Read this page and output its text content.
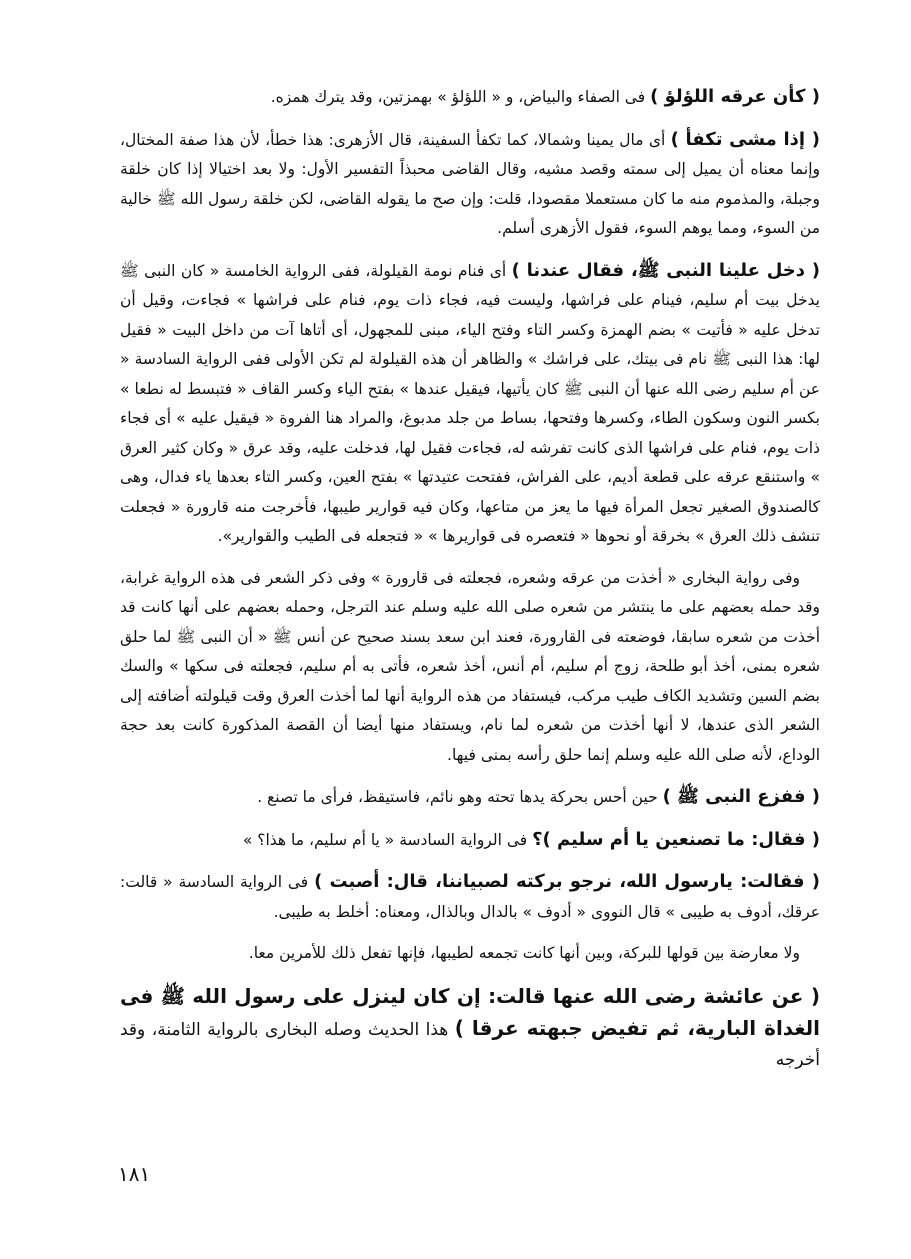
( كأن عرقه اللؤلؤ ) فى الصفاء والبياض، و « اللؤلؤ » بهمزتين، وقد يترك همزه.

( إذا مشى تكفأ ) أى مال يمينا وشمالا، كما تكفأ السفينة، قال الأزهرى: هذا خطأ، لأن هذا صفة المختال، وإنما معناه أن يميل إلى سمته وقصد مشيه، وقال القاضى محبذاً التفسير الأول: ولا بعد اختيالا إذا كان خلقة وجبلة، والمذموم منه ما كان مستعملا مقصودا، قلت: وإن صح ما يقوله القاضى، لكن خلقة رسول الله ﷺ خالية من السوء، ومما يوهم السوء، فقول الأزهرى أسلم.

( دخل علينا النبى ﷺ، فقال عندنا ) أى فنام نومة القيلولة، ففى الرواية الخامسة « كان النبى ﷺ يدخل بيت أم سليم، فينام على فراشها، وليست فيه، فجاء ذات يوم، فنام على فراشها » فجاءت، وقيل أن تدخل عليه « فأتيت » بضم الهمزة وكسر التاء وفتح الياء، مبنى للمجهول، أى أتاها آت من داخل البيت « فقيل لها: هذا النبى ﷺ نام فى بيتك، على فراشك » والظاهر أن هذه القيلولة لم تكن الأولى ففى الرواية السادسة « عن أم سليم رضى الله عنها أن النبى ﷺ كان يأتيها، فيقيل عندها » بفتح الياء وكسر القاف « فتبسط له نطعا » بكسر النون وسكون الطاء، وكسرها وفتحها، بساط من جلد مدبوغ، والمراد هنا الفروة « فيقيل عليه » أى فجاء ذات يوم، فنام على فراشها الذى كانت تفرشه له، فجاءت فقيل لها، فدخلت عليه، وقد عرق « وكان كثير العرق » واستنقع عرقه على قطعة أديم، على الفراش، ففتحت عتيدتها » بفتح العين، وكسر التاء بعدها ياء فدال، وهى كالصندوق الصغير تجعل المرأة فيها ما يعز من متاعها، وكان فيه قوارير طيبها، فأخرجت منه قارورة « فجعلت تنشف ذلك العرق » بخرقة أو نحوها « فتعصره فى قواريرها » « فتجعله فى الطيب والقوارير».

وفى رواية البخارى « أخذت من عرقه وشعره، فجعلته فى قارورة » وفى ذكر الشعر فى هذه الرواية غرابة، وقد حمله بعضهم على ما ينتشر من شعره صلى الله عليه وسلم عند الترجل، وحمله بعضهم على أنها كانت قد أخذت من شعره سابقا، فوضعته فى القارورة، فعند ابن سعد بسند صحيح عن أنس ﷺ « أن النبى ﷺ لما حلق شعره بمنى، أخذ أبو طلحة، زوج أم سليم، أم أنس، أخذ شعره، فأتى به أم سليم، فجعلته فى سكها » والسك بضم السين وتشديد الكاف طيب مركب، فيستفاد من هذه الرواية أنها لما أخذت العرق وقت قيلولته أضافته إلى الشعر الذى عندها، لا أنها أخذت من شعره لما نام، ويستفاد منها أيضا أن القصة المذكورة كانت بعد حجة الوداع، لأنه صلى الله عليه وسلم إنما حلق رأسه بمنى فيها.

( ففزع النبى ﷺ ) حين أحس بحركة يدها تحته وهو نائم، فاستيقظ، فرأى ما تصنع .

( فقال: ما تصنعين يا أم سليم )؟ فى الرواية السادسة « يا أم سليم، ما هذا؟ »

( فقالت: يارسول الله، نرجو بركته لصبياننا، قال: أصبت ) فى الرواية السادسة « قالت: عرقك، أدوف به طيبى » قال النووى « أدوف » بالدال وبالذال، ومعناه: أخلط به طيبى.

ولا معارضة بين قولها للبركة، وبين أنها كانت تجمعه لطيبها، فإنها تفعل ذلك للأمرين معا.

( عن عائشة رضى الله عنها قالت: إن كان لينزل على رسول الله ﷺ فى الغداة البارية، ثم تفيض جبهته عرقا ) هذا الحديث وصله البخارى بالرواية الثامنة، وقد أخرجه

١٨١
